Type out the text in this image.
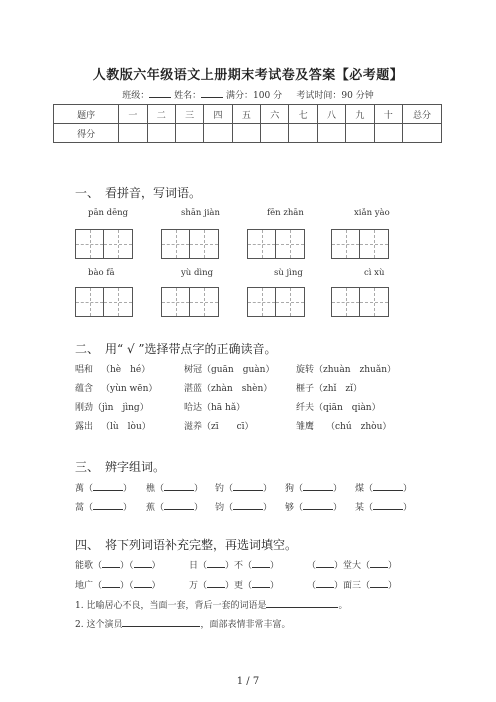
人教版六年级语文上册期末考试卷及答案【必考题】
班级：	姓名：	满分：100 分 考试时间：90 分钟
题序	一	二	三	四	五	六	七	八	九	十	总分
得分											
一、　看拼音，写词语。
pān dēng	shān jiàn	fēn zhān	xiǎn yào
bào fā	yù dìng	sù jìng	cì xù
二、　用“ √ ”选择带点字的正确读音。
唱和 （hè　hé）	树冠（guān　guàn） 旋转（zhuàn　zhuǎn）
蕴含 （yùn wēn）	湛蓝（zhàn　shèn）	榧子（zhǐ　zǐ）
刚劲（jìn　jìng）	哈达（hā hǎ）	纤夫（qiān　qiàn）
露出 （lù　lòu）	滋养（zī　　cī）	雏鹰 （chú　zhòu）
三、　辨字组词。
萬（	） 樵（	） 钓（	） 狗（	） 煤（	）
蒿（	） 蕉（	） 钧（	） 够（	） 某（	）
四、　将下列词语补充完整，再选词填空。
能歌（ ）（ ）	日（ ）不（ ）	（ ）堂大（ ）
地广（ ）（ ）	万（ ）更（ ）	（ ）面三（ ）
1. 比喻居心不良，当面一套，背后一套的词语是	。
2. 这个演员	，面部表情非常丰富。
1 / 7
